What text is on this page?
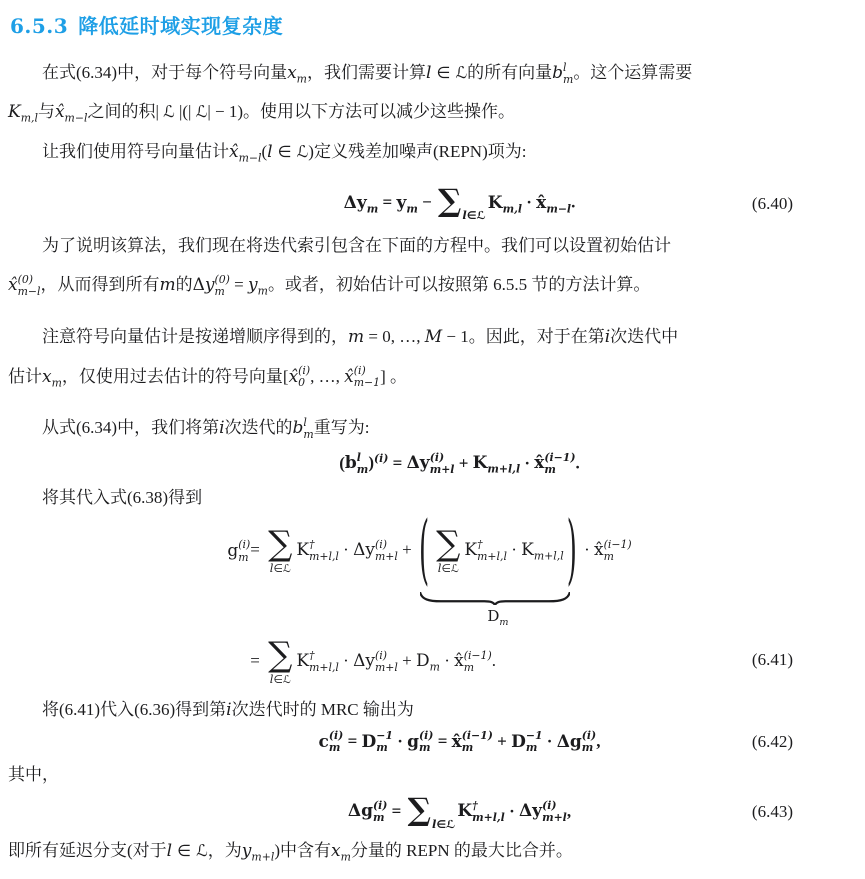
6.5.3 降低延时域实现复杂度
在式(6.34)中，对于每个符号向量$x_m$，我们需要计算l ∈ ℒ的所有向量b l
m 。这个运算需要
$K_{m,l}$与$x̂_{m-l}$之间的积| ℒ |(| ℒ| − 1)。使用以下方法可以减少这些操作。
让我们使用符号向量估计$x̂_{m-l}(l$ ∈ ℒ)定义残差加噪声(REPN)项为:
$\Delta y_m = y_m - \sum_{l\in ℒ}K_{m,l}$ · $x̂_{m-l}$.	(6.40)
为了说明该算法，我们现在将迭代索引包含在下面的方程中。我们可以设置初始估计
x̂ (0)
m−l ，从而得到所有m的Δy (0)
$m = y_m$。或者，初始估计可以按照第 6.5.5 节的方法计算。
注意符号向量估计是按递增顺序得到的，m = 0, …, M − 1。因此，对于在第i次迭代中
估计$x_m$，仅使用过去估计的符号向量[x̂ (i)
0 , …, x̂ (i)
m−1 ] 。
从式(6.34)中，我们将第i次迭代的b l
m 重写为:
(b l
m )$^{(i)}$ = Δy (i)
$m+l + K_{m+l,l}$ · x̂ (i−1)
m	.
将其代入式(6.38)得到
g (i)
m = ∑
l∈ℒ
K †
m+l,l · Δy (i)
m+l + ( ∑
l∈ℒ
K †
$m+l,l \cdot K_{m+l,l}$ )
$D_m$
· x̂ (i−1)
m
= ∑
l∈ℒ
K †
m+l,l · Δy (i)
$m+l + D_m$ · x̂ (i−1)
m	.	(6.41)
将(6.41)代入(6.36)得到第i次迭代时的 MRC 输出为
c (i)
m = D −1
m · g (i)
m = x̂ (i−1)
m	+ D −1
m · Δg (i)
m ,	(6.42)
其中，
Δg (i)
$m = \sum_{l\in ℒ}K$ †
m+l,l · Δy (i)
m+l ,	(6.43)
即所有延迟分支(对于l ∈ ℒ，为$y_{m+l}$)中含有$x_m$分量的 REPN 的最大比合并。
